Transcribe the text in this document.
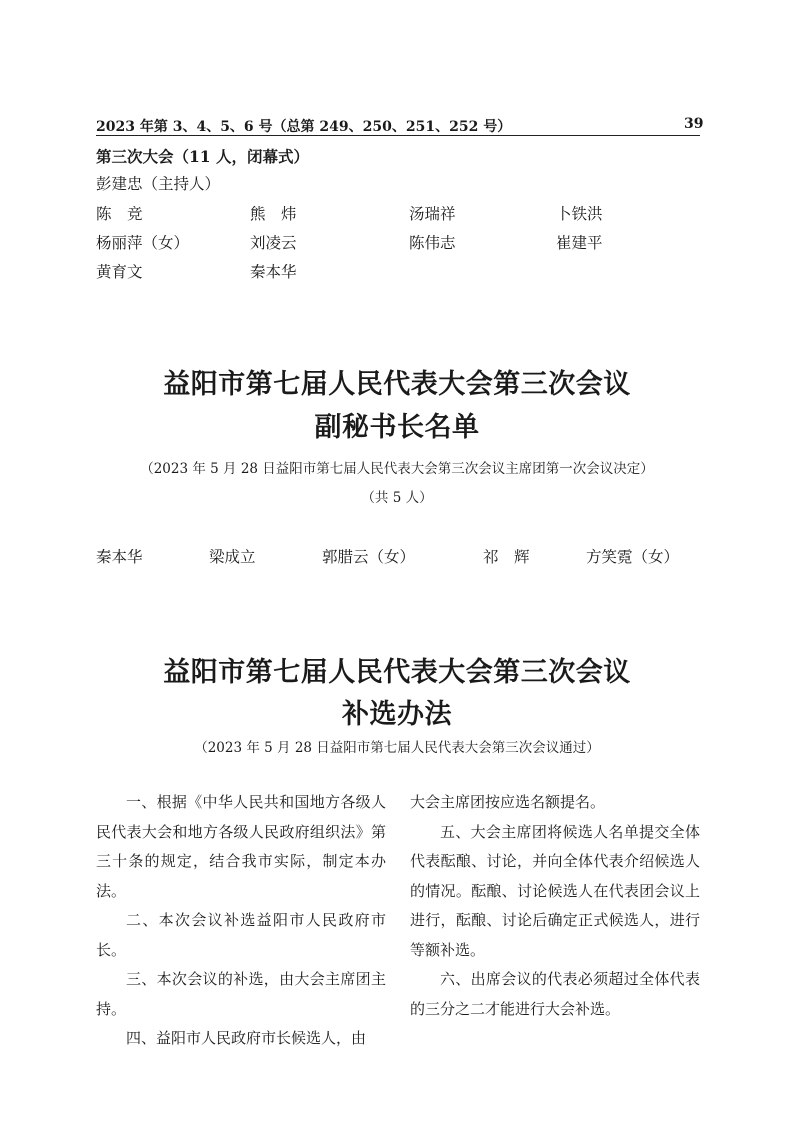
2023 年第 3、4、5、6 号（总第 249、250、251、252 号）	39
第三次大会（11 人，闭幕式）
彭建忠（主持人）
陈　竞	熊　炜	汤瑞祥	卜铁洪
杨丽萍（女）	刘凌云	陈伟志	崔建平
黄育文	秦本华
益阳市第七届人民代表大会第三次会议
副秘书长名单
（2023 年 5 月 28 日益阳市第七届人民代表大会第三次会议主席团第一次会议决定）
（共 5 人）
秦本华	梁成立	郭腊云（女）	祁　辉	方笑霓（女）
益阳市第七届人民代表大会第三次会议
补选办法
（2023 年 5 月 28 日益阳市第七届人民代表大会第三次会议通过）

一、根据《中华人民共和国地方各级人民代表大会和地方各级人民政府组织法》第三十条的规定，结合我市实际，制定本办法。

二、本次会议补选益阳市人民政府市长。

三、本次会议的补选，由大会主席团主持。

四、益阳市人民政府市长候选人，由

大会主席团按应选名额提名。

五、大会主席团将候选人名单提交全体代表酝酿、讨论，并向全体代表介绍候选人的情况。酝酿、讨论候选人在代表团会议上进行，酝酿、讨论后确定正式候选人，进行等额补选。

六、出席会议的代表必须超过全体代表的三分之二才能进行大会补选。
